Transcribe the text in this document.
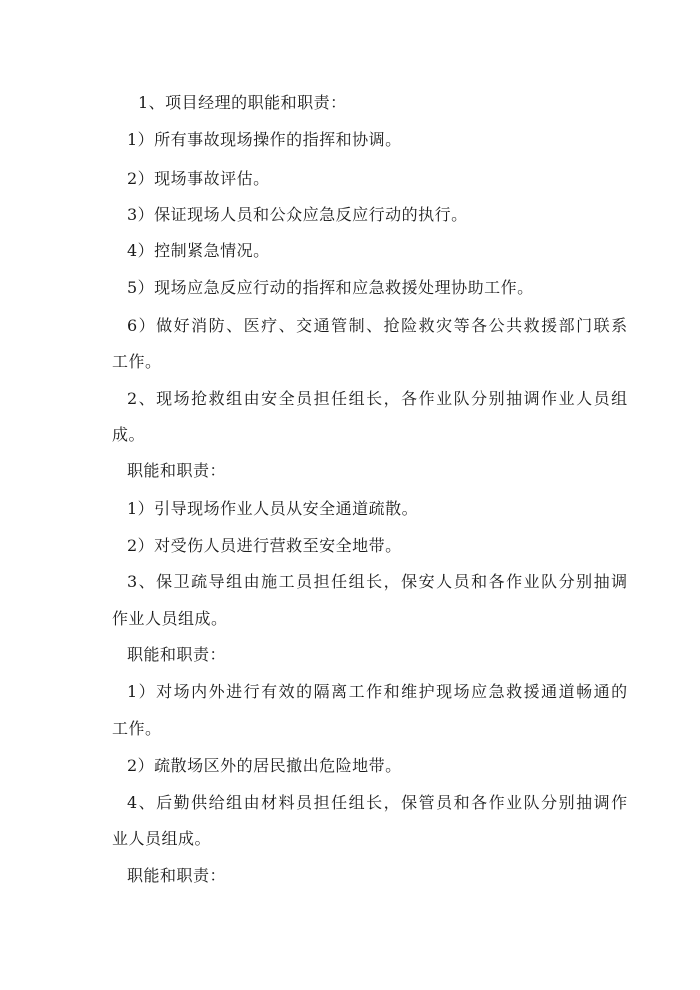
1、项目经理的职能和职责：
1）所有事故现场操作的指挥和协调。
2）现场事故评估。
3）保证现场人员和公众应急反应行动的执行。
4）控制紧急情况。
5）现场应急反应行动的指挥和应急救援处理协助工作。
6）做好消防、医疗、交通管制、抢险救灾等各公共救援部门联系
工作。
2、现场抢救组由安全员担任组长，各作业队分别抽调作业人员组
成。
职能和职责：
1）引导现场作业人员从安全通道疏散。
2）对受伤人员进行营救至安全地带。
3、保卫疏导组由施工员担任组长，保安人员和各作业队分别抽调
作业人员组成。
职能和职责：
1）对场内外进行有效的隔离工作和维护现场应急救援通道畅通的
工作。
2）疏散场区外的居民撤出危险地带。
4、后勤供给组由材料员担任组长，保管员和各作业队分别抽调作
业人员组成。
职能和职责：
